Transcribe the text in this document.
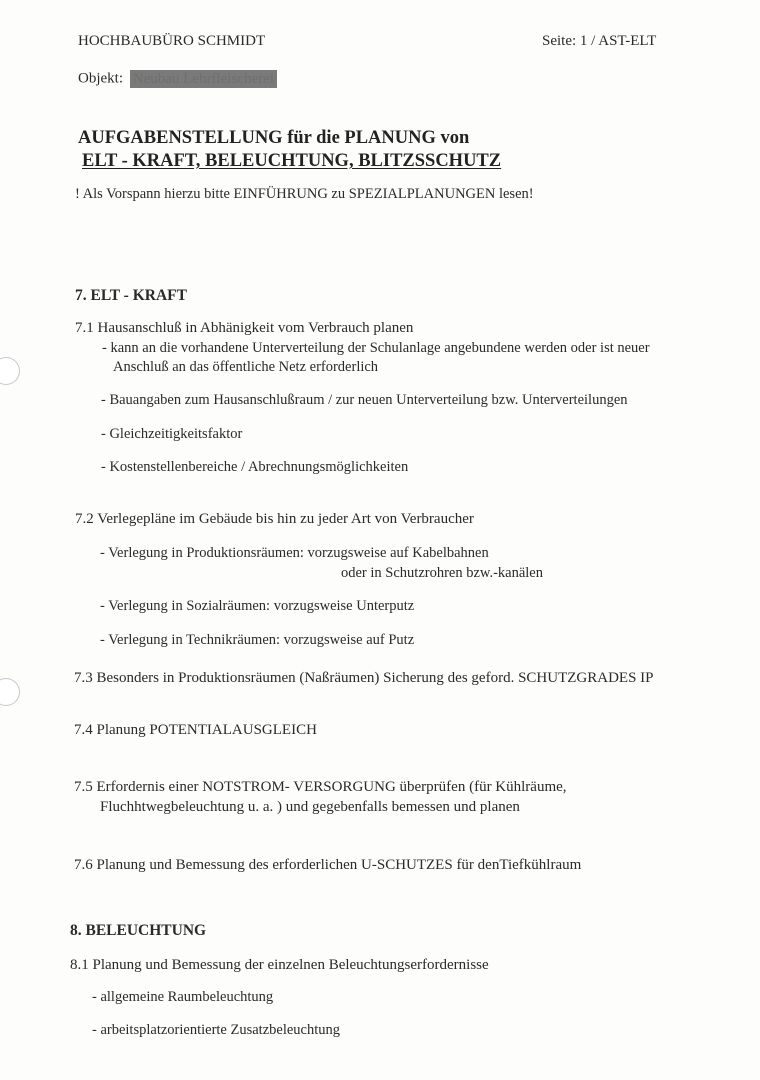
HOCHBAUBÜRO SCHMIDT	Seite: 1 / AST-ELT
Objekt: Neubau Lehrfleischerei
AUFGABENSTELLUNG für die PLANUNG von
ELT - KRAFT, BELEUCHTUNG, BLITZSSCHUTZ
! Als Vorspann hierzu bitte EINFÜHRUNG zu SPEZIALPLANUNGEN lesen!
7. ELT - KRAFT
7.1 Hausanschluß in Abhänigkeit vom Verbrauch planen
- kann an die vorhandene Unterverteilung der Schulanlage angebundene werden oder ist neuer
Anschluß an das öffentliche Netz erforderlich
- Bauangaben zum Hausanschlußraum / zur neuen Unterverteilung bzw. Unterverteilungen
- Gleichzeitigkeitsfaktor
- Kostenstellenbereiche / Abrechnungsmöglichkeiten
7.2 Verlegepläne im Gebäude bis hin zu jeder Art von Verbraucher
- Verlegung in Produktionsräumen: vorzugsweise auf Kabelbahnen
oder in Schutzrohren bzw.-kanälen
- Verlegung in Sozialräumen: vorzugsweise Unterputz
- Verlegung in Technikräumen: vorzugsweise auf Putz
7.3 Besonders in Produktionsräumen (Naßräumen) Sicherung des geford. SCHUTZGRADES IP
7.4 Planung POTENTIALAUSGLEICH
7.5 Erfordernis einer NOTSTROM- VERSORGUNG überprüfen (für Kühlräume,
Fluchhtwegbeleuchtung u. a. ) und gegebenfalls bemessen und planen
7.6 Planung und Bemessung des erforderlichen U-SCHUTZES für denTiefkühlraum
8. BELEUCHTUNG
8.1 Planung und Bemessung der einzelnen Beleuchtungserfordernisse
- allgemeine Raumbeleuchtung
- arbeitsplatzorientierte Zusatzbeleuchtung
